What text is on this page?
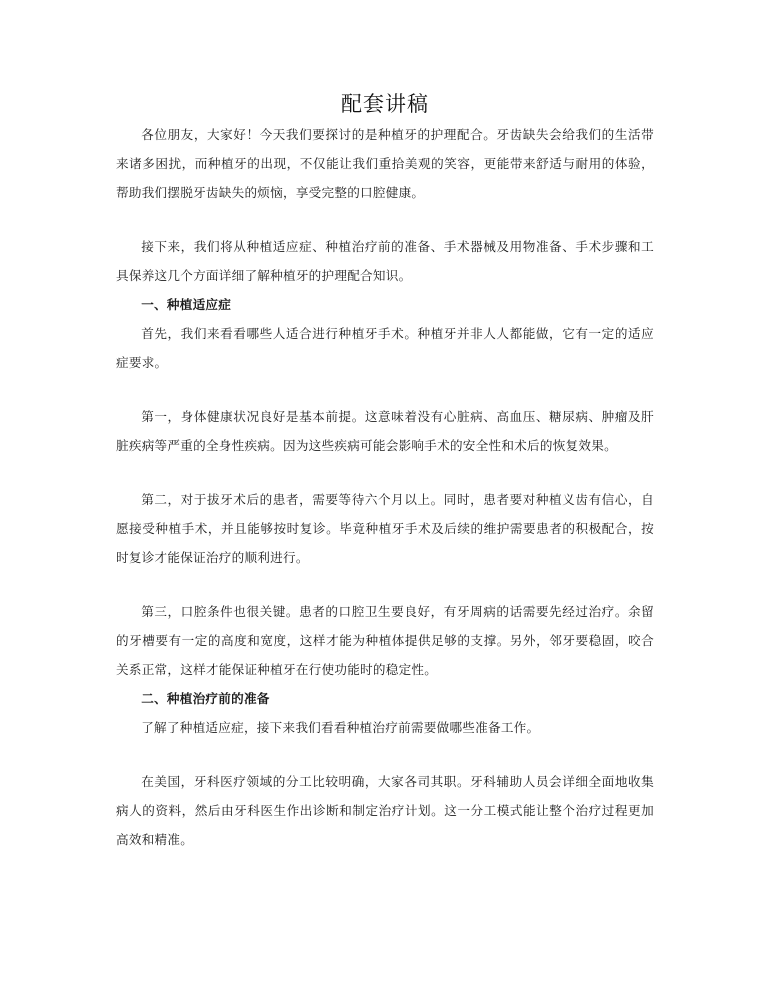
配套讲稿

各位朋友，大家好！今天我们要探讨的是种植牙的护理配合。牙齿缺失会给我们的生活带来诸多困扰，而种植牙的出现，不仅能让我们重拾美观的笑容，更能带来舒适与耐用的体验，帮助我们摆脱牙齿缺失的烦恼，享受完整的口腔健康。

接下来，我们将从种植适应症、种植治疗前的准备、手术器械及用物准备、手术步骤和工具保养这几个方面详细了解种植牙的护理配合知识。

一、种植适应症

首先，我们来看看哪些人适合进行种植牙手术。种植牙并非人人都能做，它有一定的适应症要求。

第一，身体健康状况良好是基本前提。这意味着没有心脏病、高血压、糖尿病、肿瘤及肝脏疾病等严重的全身性疾病。因为这些疾病可能会影响手术的安全性和术后的恢复效果。

第二，对于拔牙术后的患者，需要等待六个月以上。同时，患者要对种植义齿有信心，自愿接受种植手术，并且能够按时复诊。毕竟种植牙手术及后续的维护需要患者的积极配合，按时复诊才能保证治疗的顺利进行。

第三，口腔条件也很关键。患者的口腔卫生要良好，有牙周病的话需要先经过治疗。余留的牙槽要有一定的高度和宽度，这样才能为种植体提供足够的支撑。另外，邻牙要稳固，咬合关系正常，这样才能保证种植牙在行使功能时的稳定性。

二、种植治疗前的准备

了解了种植适应症，接下来我们看看种植治疗前需要做哪些准备工作。

在美国，牙科医疗领域的分工比较明确，大家各司其职。牙科辅助人员会详细全面地收集病人的资料，然后由牙科医生作出诊断和制定治疗计划。这一分工模式能让整个治疗过程更加高效和精准。
